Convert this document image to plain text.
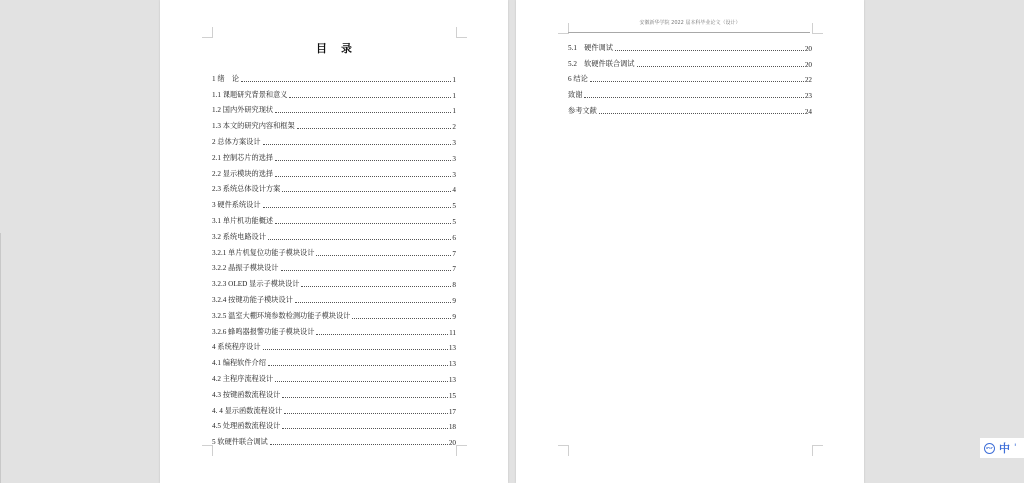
目录
1 绪　论	1
1.1 课题研究背景和意义	1
1.2 国内外研究现状	1
1.3 本文的研究内容和框架	2
2 总体方案设计	3
2.1 控制芯片的选择	3
2.2 显示模块的选择	3
2.3 系统总体设计方案	4
3 硬件系统设计	5
3.1 单片机功能概述	5
3.2 系统电路设计	6
3.2.1 单片机复位功能子模块设计	7
3.2.2 晶振子模块设计	7
3.2.3 OLED 显示子模块设计	8
3.2.4 按键功能子模块设计	9
3.2.5 温室大棚环境参数检测功能子模块设计	9
3.2.6 蜂鸣器报警功能子模块设计	11
4 系统程序设计	13
4.1 编程软件介绍	13
4.2 主程序流程设计	13
4.3 按键函数流程设计	15
4. 4 显示函数流程设计	17
4.5 处理函数流程设计	18
5 软硬件联合调试	20
安徽新华学院 2022 届本科毕业论文（设计）
5.1　硬件调试	20
5.2　软硬件联合调试	20
6 结论	22
致谢	23
参考文献	24
iFLY 中 '
